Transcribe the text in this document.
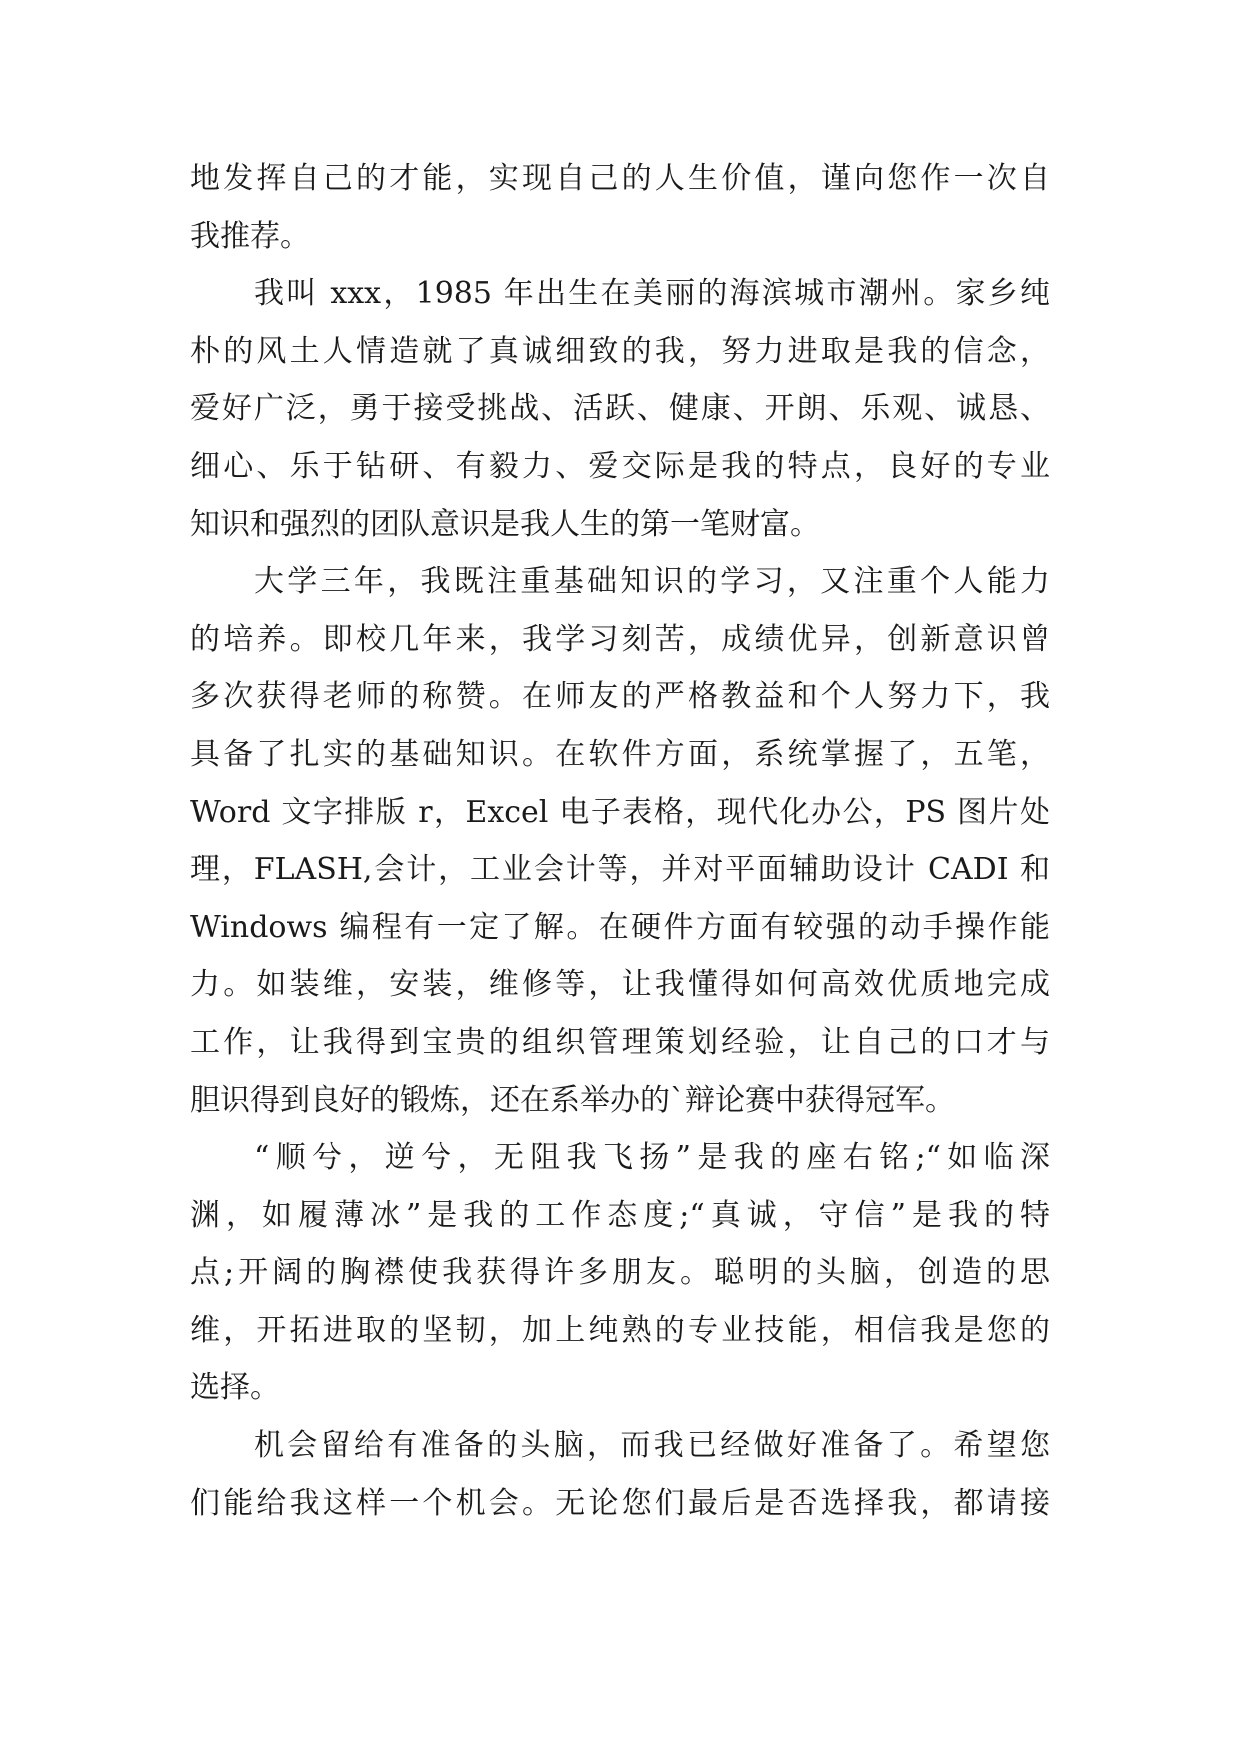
地发挥自己的才能，实现自己的人生价值，谨向您作一次自
我推荐。
我叫 xxx，1985 年出生在美丽的海滨城市潮州。家乡纯
朴的风土人情造就了真诚细致的我，努力进取是我的信念，
爱好广泛，勇于接受挑战、活跃、健康、开朗、乐观、诚恳、
细心、乐于钻研、有毅力、爱交际是我的特点，良好的专业
知识和强烈的团队意识是我人生的第一笔财富。
大学三年，我既注重基础知识的学习，又注重个人能力
的培养。即校几年来，我学习刻苦，成绩优异，创新意识曾
多次获得老师的称赞。在师友的严格教益和个人努力下，我
具备了扎实的基础知识。在软件方面，系统掌握了，五笔，
Word 文字排版 r，Excel 电子表格，现代化办公，PS 图片处
理，FLASH,会计，工业会计等，并对平面辅助设计 CADI 和
Windows 编程有一定了解。在硬件方面有较强的动手操作能
力。如装维，安装，维修等，让我懂得如何高效优质地完成
工作，让我得到宝贵的组织管理策划经验，让自己的口才与
胆识得到良好的锻炼，还在系举办的`辩论赛中获得冠军。
“顺兮，逆兮，无阻我飞扬”是我的座右铭;“如临深
渊，如履薄冰”是我的工作态度;“真诚，守信”是我的特
点;开阔的胸襟使我获得许多朋友。聪明的头脑，创造的思
维，开拓进取的坚韧，加上纯熟的专业技能，相信我是您的
选择。
机会留给有准备的头脑，而我已经做好准备了。希望您
们能给我这样一个机会。无论您们最后是否选择我，都请接
